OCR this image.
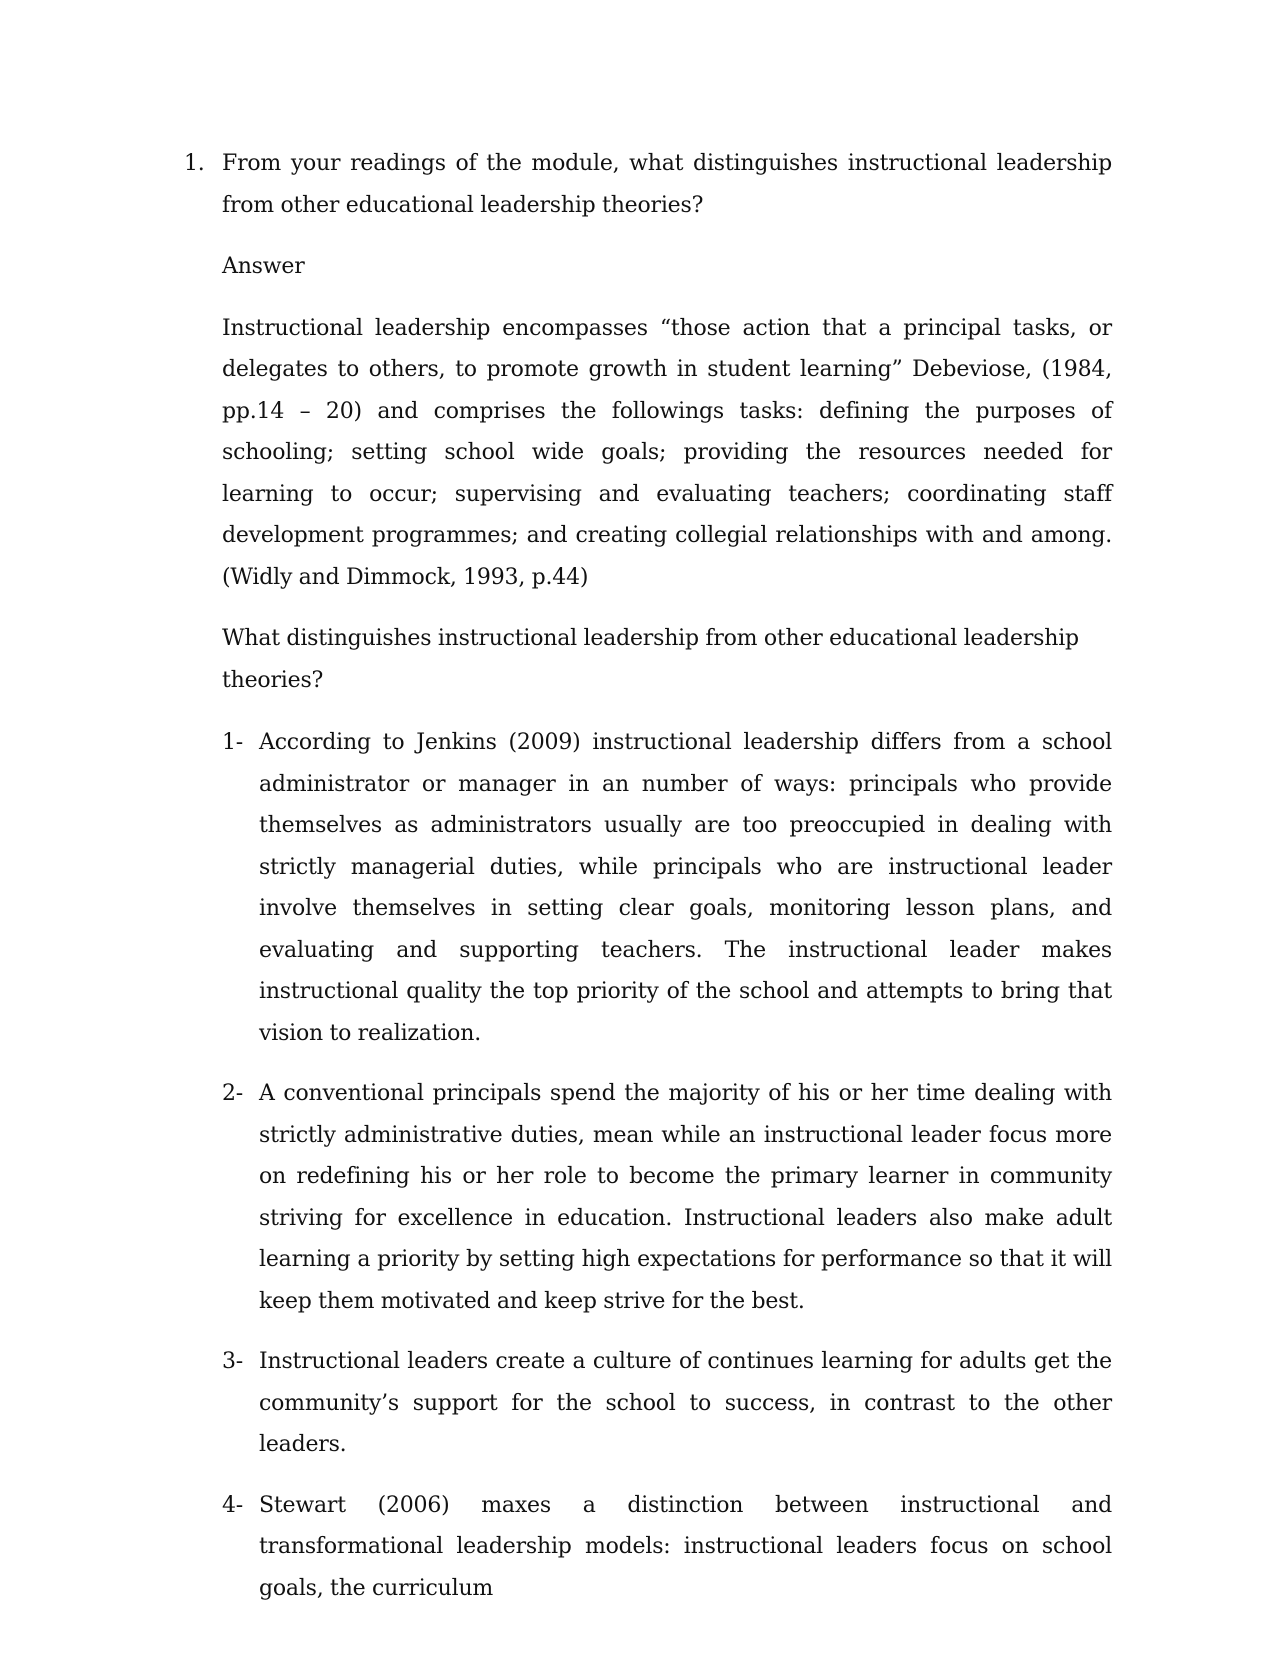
1. From your readings of the module, what distinguishes instructional leadership from other educational leadership theories?

Answer

Instructional leadership encompasses “those action that a principal tasks, or delegates to others, to promote growth in student learning” Debeviose, (1984, pp.14 – 20) and comprises the followings tasks: defining the purposes of schooling; setting school wide goals; providing the resources needed for learning to occur; supervising and evaluating teachers; coordinating staff development programmes; and creating collegial relationships with and among. (Widly and Dimmock, 1993, p.44)

What distinguishes instructional leadership from other educational leadership theories?

1- According to Jenkins (2009) instructional leadership differs from a school administrator or manager in an number of ways: principals who provide themselves as administrators usually are too preoccupied in dealing with strictly managerial duties, while principals who are instructional leader involve themselves in setting clear goals, monitoring lesson plans, and evaluating and supporting teachers. The instructional leader makes instructional quality the top priority of the school and attempts to bring that vision to realization.
2- A conventional principals spend the majority of his or her time dealing with strictly administrative duties, mean while an instructional leader focus more on redefining his or her role to become the primary learner in community striving for excellence in education. Instructional leaders also make adult learning a priority by setting high expectations for performance so that it will keep them motivated and keep strive for the best.
3- Instructional leaders create a culture of continues learning for adults get the community’s support for the school to success, in contrast to the other leaders.
4- Stewart (2006) maxes a distinction between instructional and transformational leadership models: instructional leaders focus on school goals, the curriculum
